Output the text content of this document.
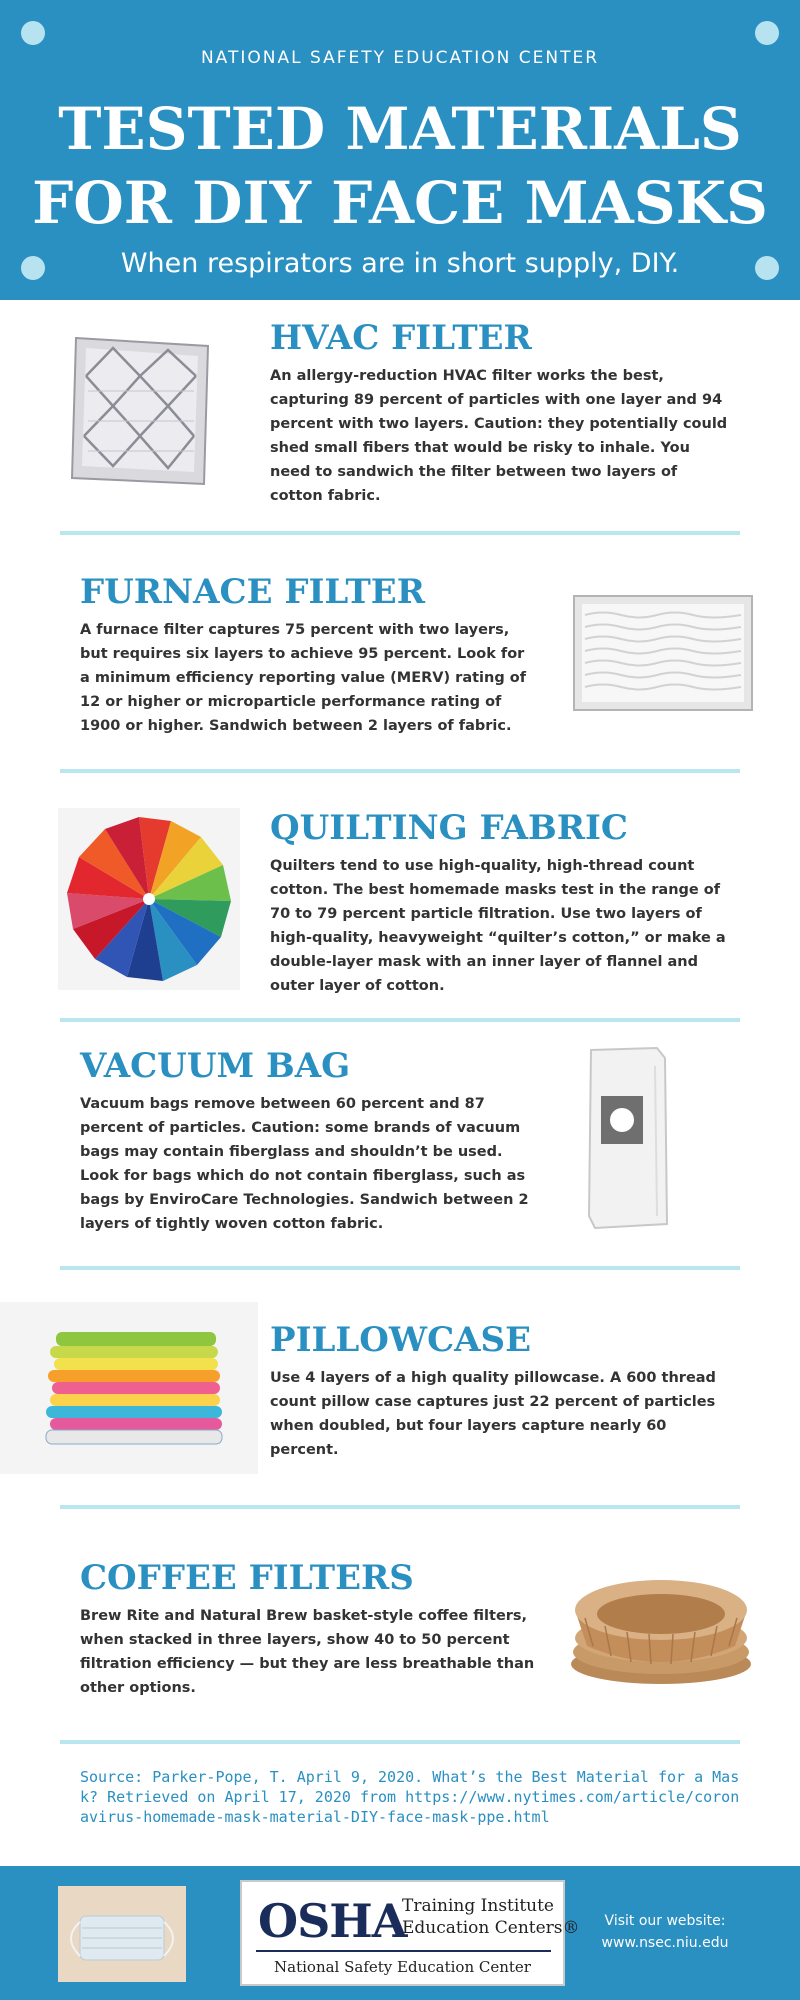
NATIONAL SAFETY EDUCATION CENTER
TESTED MATERIALS
FOR DIY FACE MASKS
When respirators are in short supply, DIY.
HVAC FILTER
An allergy-reduction HVAC filter works the best, capturing 89 percent of particles with one layer and 94 percent with two layers. Caution: they potentially could shed small fibers that would be risky to inhale. You need to sandwich the filter between two layers of cotton fabric.
FURNACE FILTER
A furnace filter captures 75 percent with two layers, but requires six layers to achieve 95 percent. Look for a minimum efficiency reporting value (MERV) rating of 12 or higher or microparticle performance rating of 1900 or higher. Sandwich between 2 layers of fabric.
QUILTING FABRIC
Quilters tend to use high-quality, high-thread count cotton. The best homemade masks test in the range of 70 to 79 percent particle filtration. Use two layers of high-quality, heavyweight “quilter’s cotton,” or make a double-layer mask with an inner layer of flannel and outer layer of cotton.
VACUUM BAG
Vacuum bags remove between 60 percent and 87 percent of particles. Caution: some brands of vacuum bags may contain fiberglass and shouldn’t be used. Look for bags which do not contain fiberglass, such as bags by EnviroCare Technologies. Sandwich between 2 layers of tightly woven cotton fabric.
PILLOWCASE
Use 4 layers of a high quality pillowcase. A 600 thread count pillow case captures just 22 percent of particles when doubled, but four layers capture nearly 60 percent.
COFFEE FILTERS
Brew Rite and Natural Brew basket-style coffee filters, when stacked in three layers, show 40 to 50 percent filtration efficiency — but they are less breathable than other options.
Source: Parker-Pope, T. April 9, 2020. What’s the Best Material for a Mask? Retrieved on April 17, 2020 from https://www.nytimes.com/article/coronavirus-homemade-mask-material-DIY-face-mask-ppe.html
OSHA
Training Institute
Education Centers®
National Safety Education Center
Visit our website:
www.nsec.niu.edu
